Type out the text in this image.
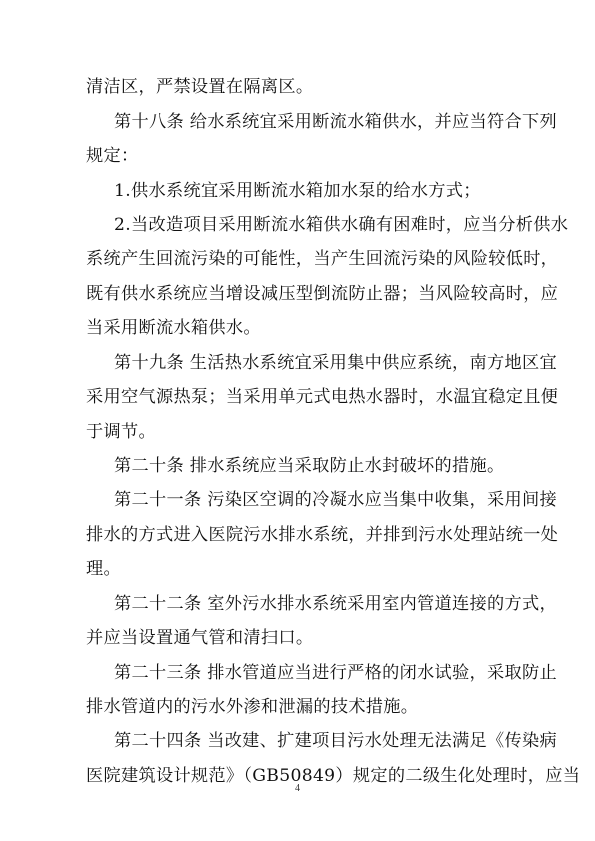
清洁区，严禁设置在隔离区。
第十八条 给水系统宜采用断流水箱供水，并应当符合下列
规定：
1.供水系统宜采用断流水箱加水泵的给水方式；
2.当改造项目采用断流水箱供水确有困难时，应当分析供水
系统产生回流污染的可能性，当产生回流污染的风险较低时，
既有供水系统应当增设减压型倒流防止器；当风险较高时，应
当采用断流水箱供水。
第十九条 生活热水系统宜采用集中供应系统，南方地区宜
采用空气源热泵；当采用单元式电热水器时，水温宜稳定且便
于调节。
第二十条 排水系统应当采取防止水封破坏的措施。
第二十一条 污染区空调的冷凝水应当集中收集，采用间接
排水的方式进入医院污水排水系统，并排到污水处理站统一处
理。
第二十二条 室外污水排水系统采用室内管道连接的方式，
并应当设置通气管和清扫口。
第二十三条 排水管道应当进行严格的闭水试验，采取防止
排水管道内的污水外渗和泄漏的技术措施。
第二十四条 当改建、扩建项目污水处理无法满足《传染病
医院建筑设计规范》（GB50849）规定的二级生化处理时，应当
4
